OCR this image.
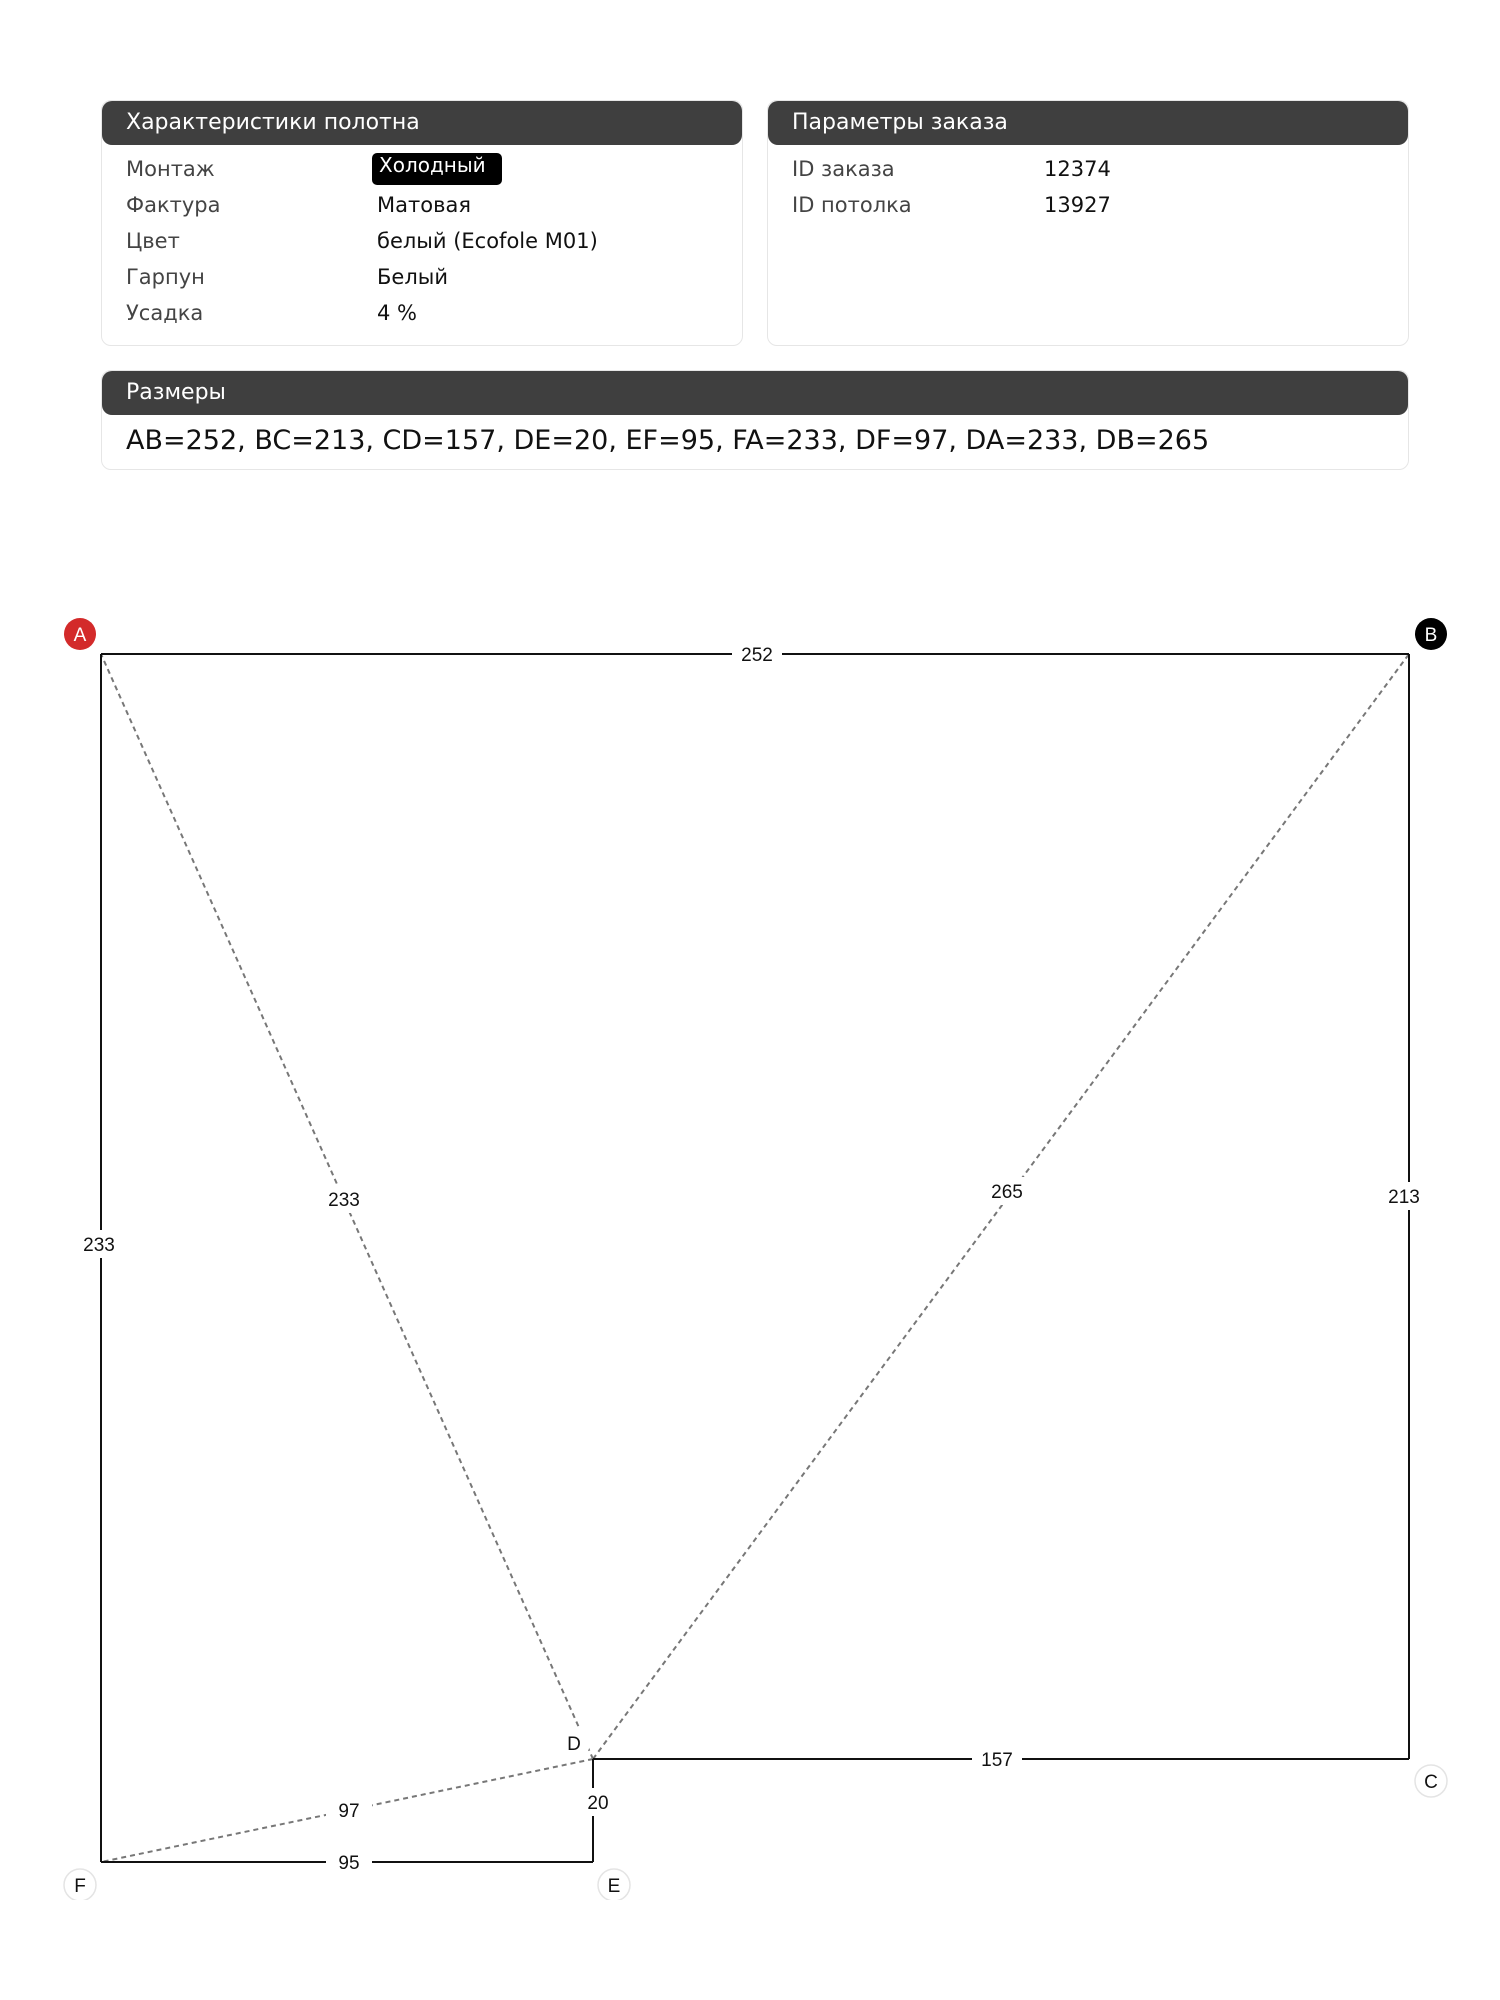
Характеристики полотна
Монтаж	Холодный
Фактура	Матовая
Цвет	белый (Ecofole M01)
Гарпун	Белый
Усадка	4 %
Параметры заказа
ID заказа	12374
ID потолка	13927
Размеры
AB=252, BC=213, CD=157, DE=20, EF=95, FA=233, DF=97, DA=233, DB=265
252
213
157
20
95
233
97
233	265
A	B
C
D
E
F
